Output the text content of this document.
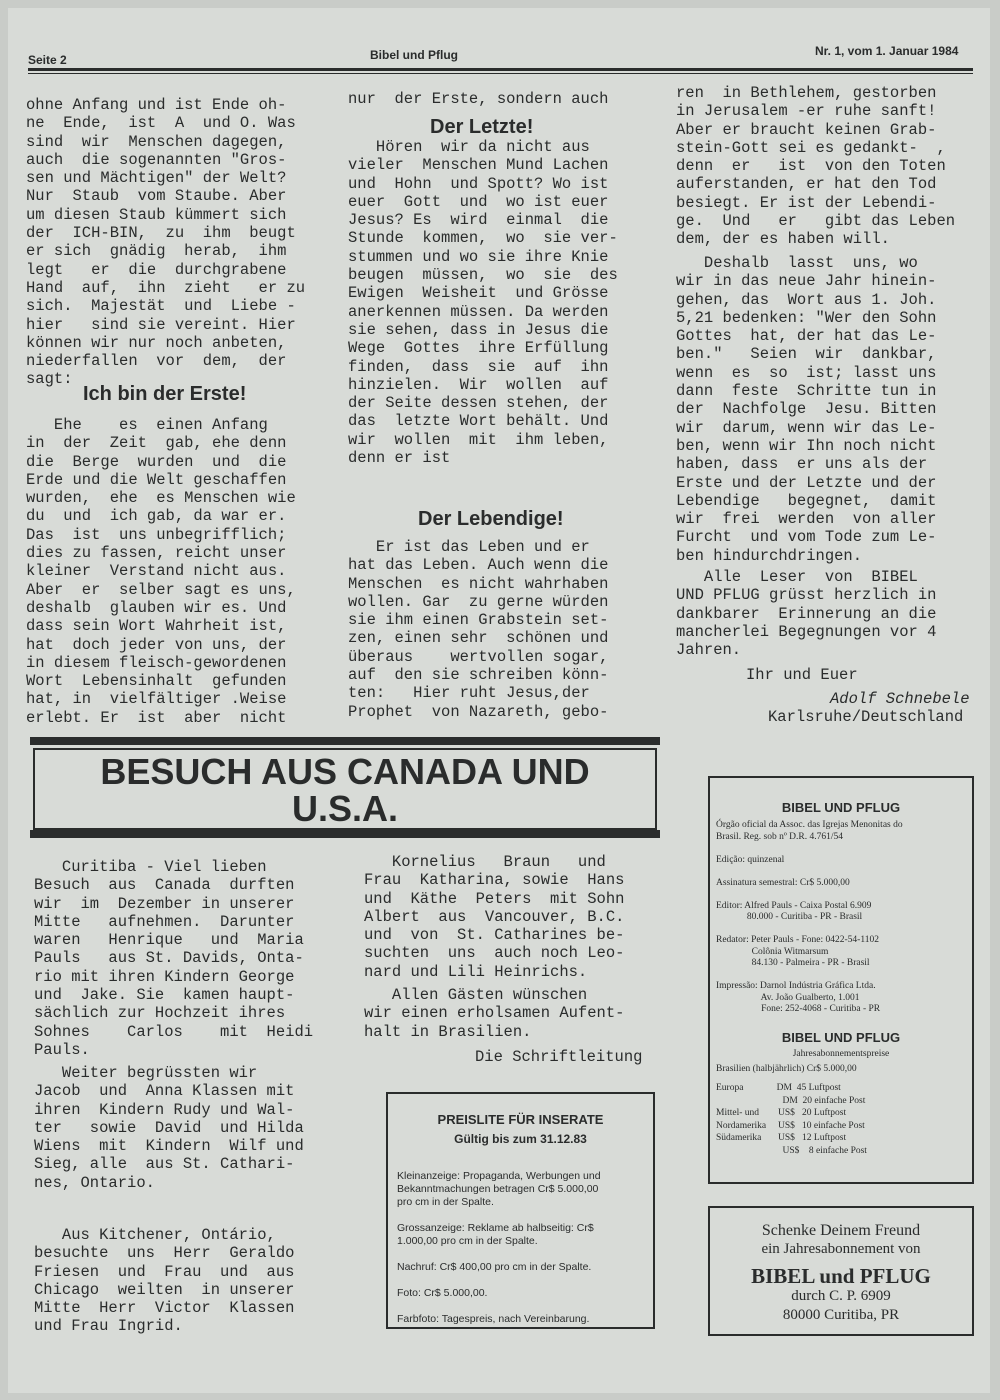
Seite 2	Bibel und Pflug	Nr. 1, vom 1. Januar 1984
ohne Anfang und ist Ende oh-
ne  Ende,  ist  A  und O. Was
sind  wir  Menschen dagegen,
auch  die sogenannten "Gros-
sen und Mächtigen" der Welt?
Nur  Staub  vom Staube. Aber
um diesen Staub kümmert sich
der  ICH-BIN,  zu  ihm  beugt
er sich  gnädig  herab,  ihm
legt   er  die  durchgrabene
Hand  auf,  ihn  zieht   er zu
sich.  Majestät  und  Liebe -
hier   sind sie vereint. Hier
können wir nur noch anbeten,
niederfallen  vor  dem,  der
sagt:
Ich bin der Erste!
Ehe    es  einen Anfang
in  der  Zeit  gab, ehe denn
die  Berge  wurden  und  die
Erde und die Welt geschaffen
wurden,  ehe  es Menschen wie
du  und  ich gab, da war er.
Das  ist  uns unbegrifflich;
dies zu fassen, reicht unser
kleiner  Verstand nicht aus.
Aber  er  selber sagt es uns,
deshalb  glauben wir es. Und
dass sein Wort Wahrheit ist,
hat  doch jeder von uns, der
in diesem fleisch-gewordenen
Wort  Lebensinhalt  gefunden
hat, in  vielfältiger .Weise
erlebt. Er  ist  aber  nicht
nur  der Erste, sondern auch
Der Letzte!
Hören  wir da nicht aus
vieler  Menschen Mund Lachen
und  Hohn  und Spott? Wo ist
euer  Gott  und  wo ist euer
Jesus? Es  wird  einmal  die
Stunde  kommen,  wo  sie ver-
stummen und wo sie ihre Knie
beugen  müssen,  wo  sie  des
Ewigen  Weisheit  und Grösse
anerkennen müssen. Da werden
sie sehen, dass in Jesus die
Wege  Gottes  ihre Erfüllung
finden,  dass  sie  auf  ihn
hinzielen.  Wir  wollen  auf
der Seite dessen stehen, der
das  letzte Wort behält. Und
wir  wollen  mit  ihm leben,
denn er ist
Der Lebendige!
Er ist das Leben und er
hat das Leben. Auch wenn die
Menschen  es nicht wahrhaben
wollen. Gar  zu gerne würden
sie ihm einen Grabstein set-
zen, einen sehr  schönen und
überaus    wertvollen sogar,
auf  den sie schreiben könn-
ten:   Hier ruht Jesus,der
Prophet  von Nazareth, gebo-
ren  in Bethlehem, gestorben
in Jerusalem -er ruhe sanft!
Aber er braucht keinen Grab-
stein-Gott sei es gedankt-  ,
denn  er   ist  von den Toten
auferstanden, er hat den Tod
besiegt. Er ist der Lebendi-
ge.  Und   er   gibt das Leben
dem, der es haben will.
Deshalb  lasst  uns, wo
wir in das neue Jahr hinein-
gehen, das  Wort aus 1. Joh.
5,21 bedenken: "Wer den Sohn
Gottes  hat, der hat das Le-
ben."   Seien  wir  dankbar,
wenn  es  so  ist; lasst uns
dann  feste  Schritte tun in
der  Nachfolge  Jesu. Bitten
wir  darum, wenn wir das Le-
ben, wenn wir Ihn noch nicht
haben, dass  er uns als der
Erste und der Letzte und der
Lebendige   begegnet,  damit
wir  frei  werden  von aller
Furcht  und vom Tode zum Le-
ben hindurchdringen.
Alle  Leser  von  BIBEL
UND PFLUG grüsst herzlich in
dankbarer  Erinnerung an die
mancherlei Begegnungen vor 4
Jahren.
Ihr und Euer
Adolf Schnebele
Karlsruhe/Deutschland
BESUCH AUS CANADA UND
U.S.A.
Curitiba - Viel lieben
Besuch  aus  Canada  durften
wir  im  Dezember in unserer
Mitte   aufnehmen.  Darunter
waren   Henrique   und  Maria
Pauls   aus St. Davids, Onta-
rio mit ihren Kindern George
und  Jake. Sie  kamen haupt-
sächlich zur Hochzeit ihres
Sohnes    Carlos    mit  Heidi
Pauls.
Weiter begrüssten wir
Jacob  und  Anna Klassen mit
ihren  Kindern Rudy und Wal-
ter   sowie  David  und Hilda
Wiens  mit  Kindern  Wilf und
Sieg, alle  aus St. Cathari-
nes, Ontario.
Aus Kitchener, Ontário,
besuchte  uns  Herr  Geraldo
Friesen  und  Frau  und  aus
Chicago  weilten  in unserer
Mitte  Herr  Victor  Klassen
und Frau Ingrid.
Kornelius   Braun   und
Frau  Katharina, sowie  Hans
und  Käthe  Peters  mit Sohn
Albert  aus  Vancouver, B.C.
und  von  St. Catharines be-
suchten  uns  auch noch Leo-
nard und Lili Heinrichs.
Allen Gästen wünschen
wir einen erholsamen Aufent-
halt in Brasilien.
Die Schriftleitung
PREISLITE FÜR INSERATE
Gültig bis zum 31.12.83
Kleinanzeige: Propaganda, Werbungen und
Bekanntmachungen betragen Cr$ 5.000,00
pro cm in der Spalte.

Grossanzeige: Reklame ab halbseitig: Cr$
1.000,00 pro cm in der Spalte.

Nachruf: Cr$ 400,00 pro cm in der Spalte.

Foto: Cr$ 5.000,00.

Farbfoto: Tagespreis, nach Vereinbarung.
BIBEL UND PFLUG
Órgão oficial da Assoc. das Igrejas Menonitas do
Brasil. Reg. sob nº D.R. 4.761/54

Edição: quinzenal

Assinatura semestral: Cr$ 5.000,00

Editor: Alfred Pauls - Caixa Postal 6.909
80.000 - Curitiba - PR - Brasil

Redator: Peter Pauls - Fone: 0422-54-1102
Colônia Witmarsum
84.130 - Palmeira - PR - Brasil

Impressão: Darnol Indústria Gráfica Ltda.
Av. João Gualberto, 1.001
Fone: 252-4068 - Curitiba - PR
BIBEL UND PFLUG
Jahresabonnementspreise
Brasilien (halbjährlich) Cr$ 5.000,00
Europa              DM  45 Luftpost
DM  20 einfache Post
Mittel- und        US$   20 Luftpost
Nordamerika     US$   10 einfache Post
Südamerika       US$   12 Luftpost
US$    8 einfache Post
Schenke Deinem Freund
ein Jahresabonnement von
BIBEL und PFLUG
durch C. P. 6909
80000 Curitiba, PR
